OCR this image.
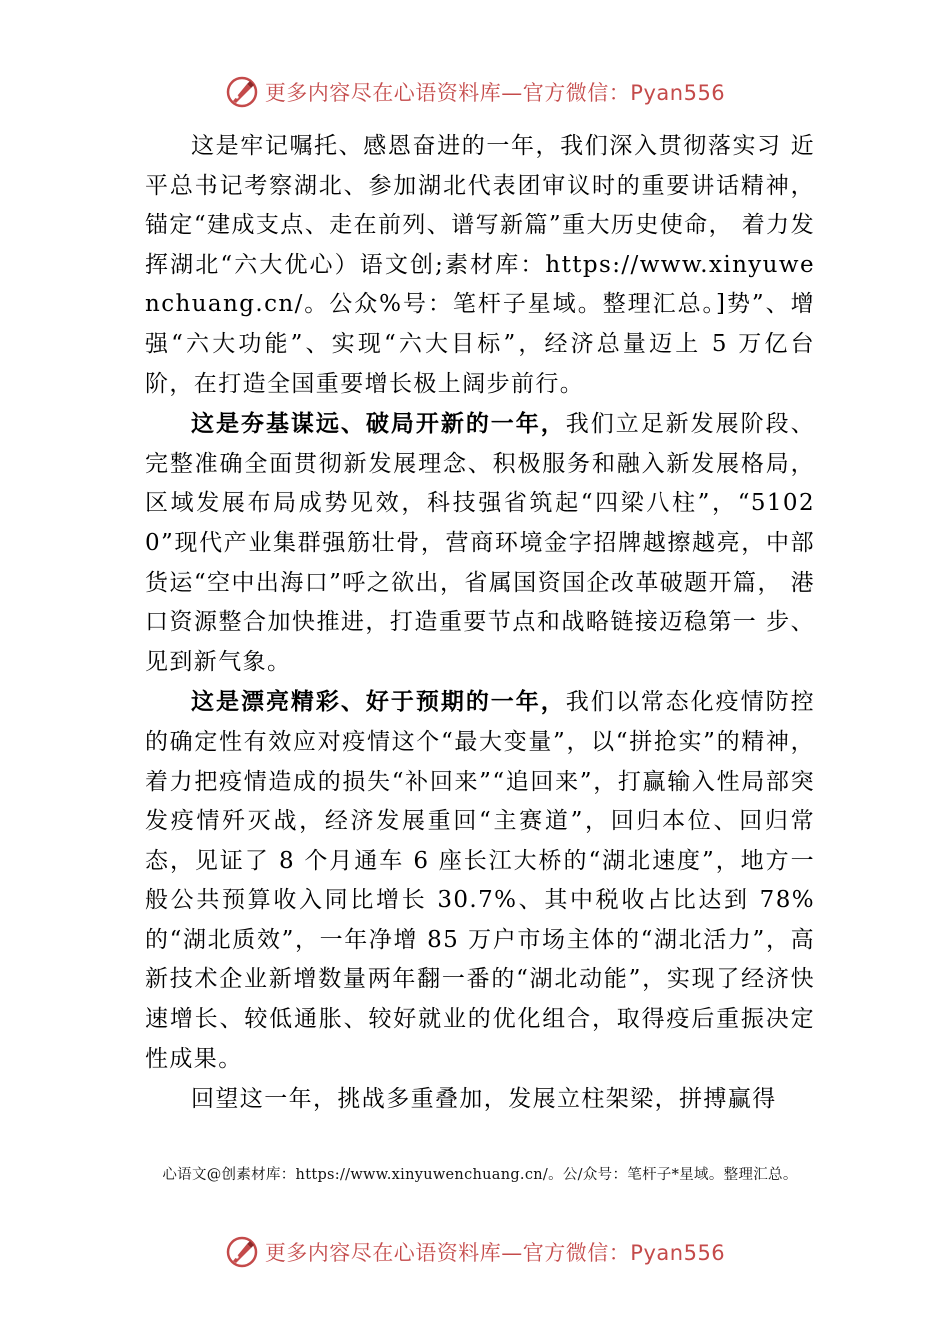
更多内容尽在心语资料库—官方微信：Pyan556

这是牢记嘱托、感恩奋进的一年，我们深入贯彻落实习 近平总书记考察湖北、参加湖北代表团审议时的重要讲话精神，锚定“建成支点、走在前列、谱写新篇”重大历史使命， 着力发挥湖北“六大优心）语文创;素材库：https://www.xinyuwenchuang.cn/。公众%号：笔杆子星域。整理汇总。]势”、增强“六大功能”、实现“六大目标”，经济总量迈上 5 万亿台阶，在打造全国重要增长极上阔步前行。

这是夯基谋远、破局开新的一年，我们立足新发展阶段、完整准确全面贯彻新发展理念、积极服务和融入新发展格局，区域发展布局成势见效，科技强省筑起“四梁八柱”，“51020”现代产业集群强筋壮骨，营商环境金字招牌越擦越亮，中部货运“空中出海口”呼之欲出，省属国资国企改革破题开篇， 港口资源整合加快推进，打造重要节点和战略链接迈稳第一 步、见到新气象。

这是漂亮精彩、好于预期的一年，我们以常态化疫情防控的确定性有效应对疫情这个“最大变量”，以“拼抢实”的精神，着力把疫情造成的损失“补回来”“追回来”，打赢输入性局部突发疫情歼灭战，经济发展重回“主赛道”，回归本位、回归常态，见证了 8 个月通车 6 座长江大桥的“湖北速度”，地方一般公共预算收入同比增长 30.7%、其中税收占比达到 78%的“湖北质效”，一年净增 85 万户市场主体的“湖北活力”，高新技术企业新增数量两年翻一番的“湖北动能”，实现了经济快速增长、较低通胀、较好就业的优化组合，取得疫后重振决定性成果。

回望这一年，挑战多重叠加，发展立柱架梁，拼搏赢得

心语文@创素材库：https://www.xinyuwenchuang.cn/。公/众号：笔杆子*星域。整理汇总。
更多内容尽在心语资料库—官方微信：Pyan556
